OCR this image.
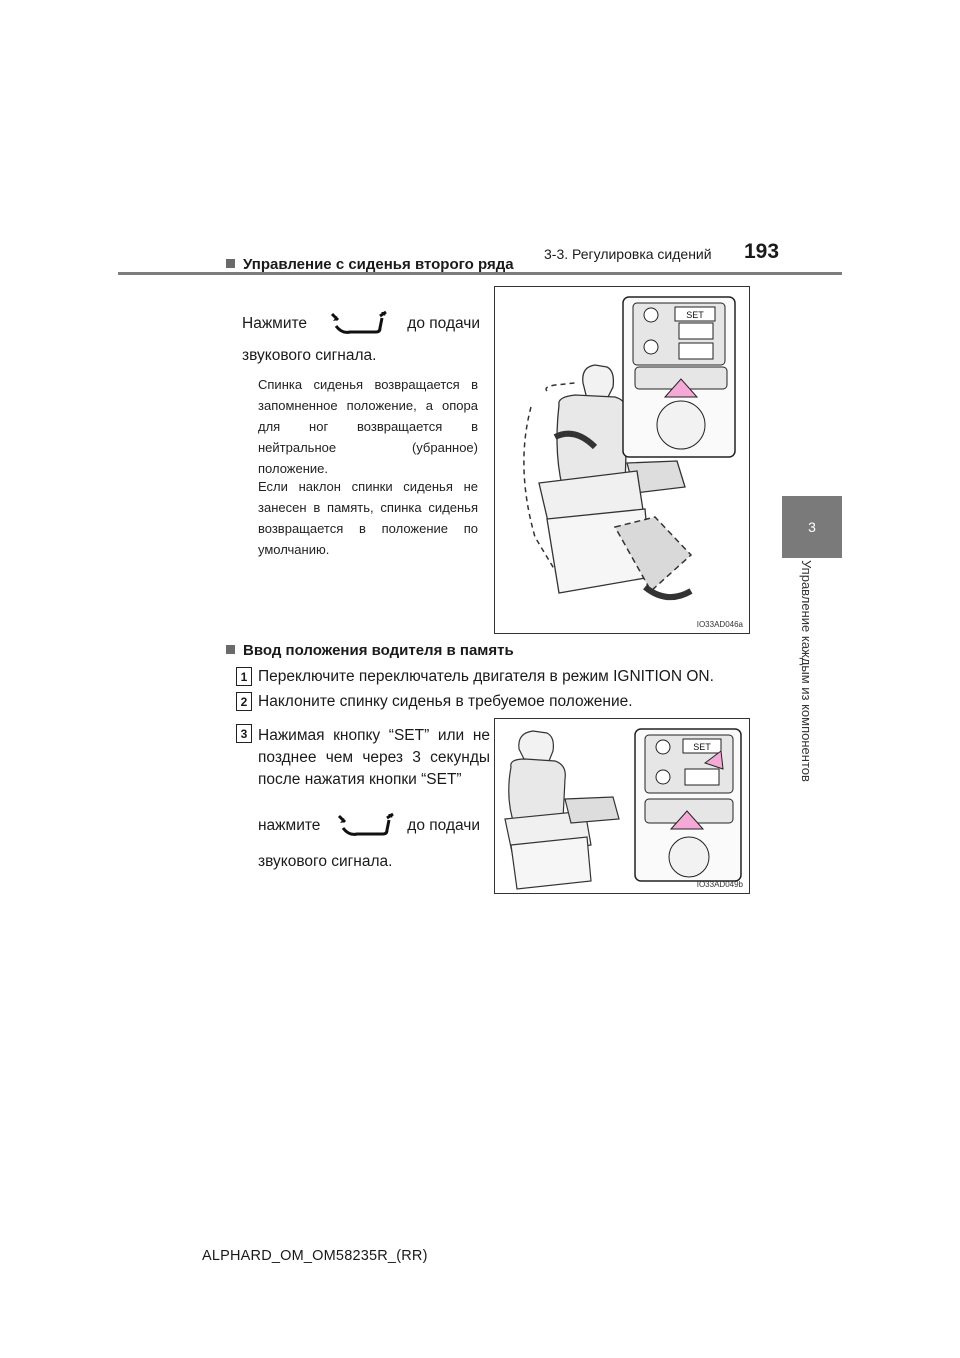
3-3. Регулировка сидений 193
3
Управление каждым из компонентов
Управление с сиденья второго ряда
Нажмите	до подачи
звукового сигнала.
Спинка сиденья возвращается в запомненное положение, а опора для ног возвращается в нейтральное (убранное) положение.
Если наклон спинки сиденья не занесен в память, спинка сиденья возвращается в положение по умолчанию.
SET
IO33AD046a
Ввод положения водителя в память
1 Переключите переключатель двигателя в режим IGNITION ON.
2 Наклоните спинку сиденья в требуемое положение.
3 Нажимая кнопку “SET” или не позднее чем через 3 секунды после нажатия кнопки “SET”
нажмите	до подачи
звукового сигнала.
SET
IO33AD049b
ALPHARD_OM_OM58235R_(RR)
